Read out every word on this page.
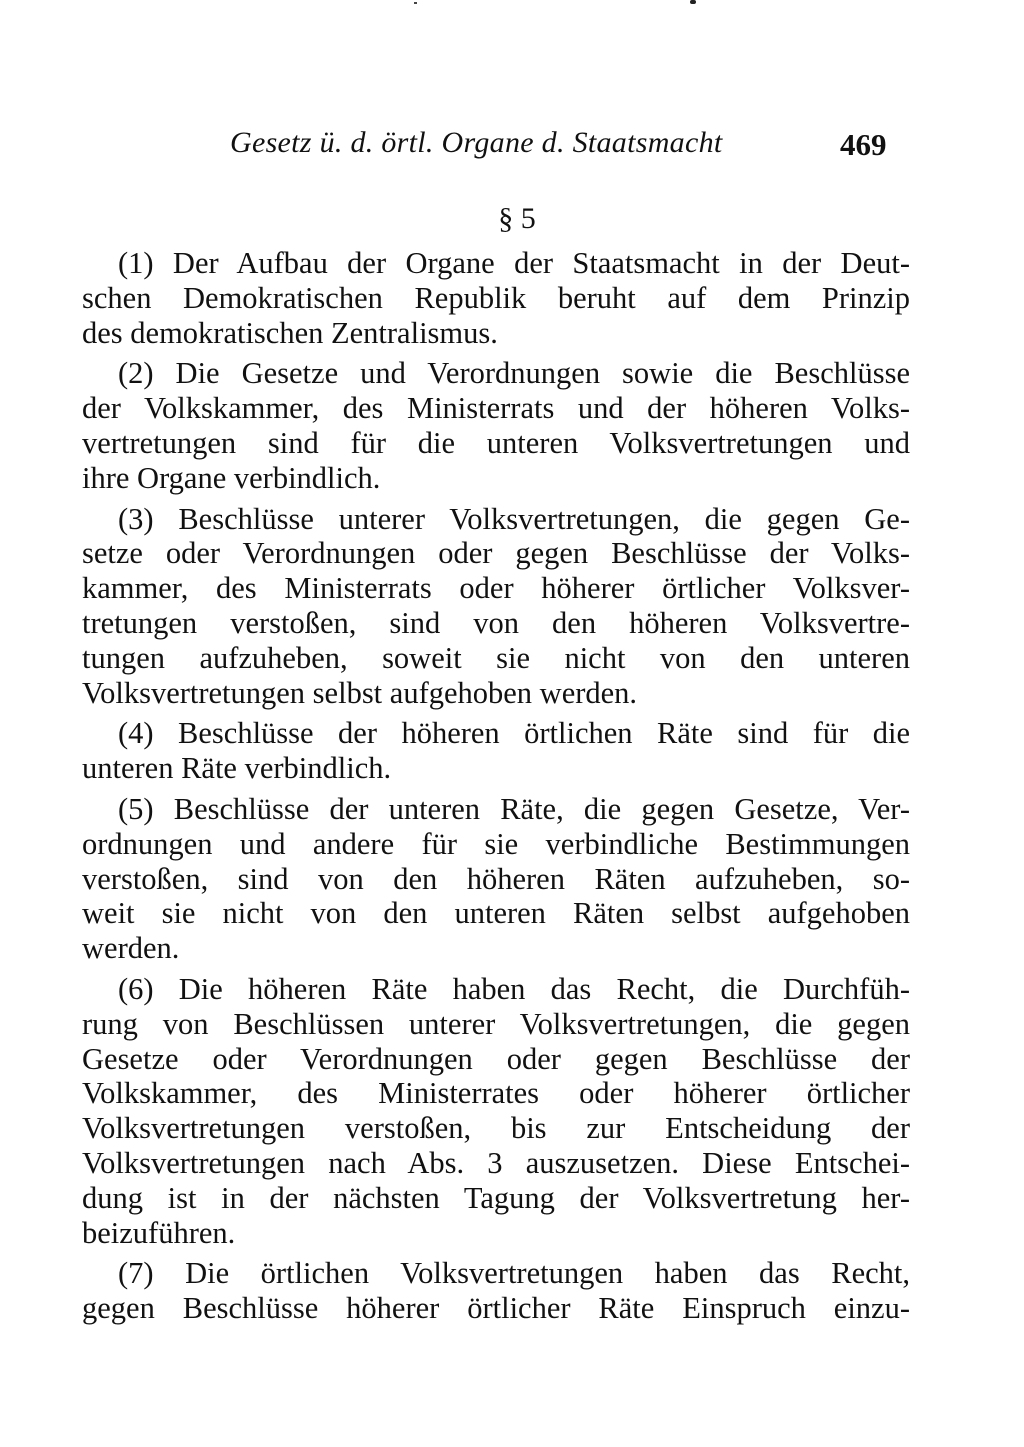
Gesetz ü. d. örtl. Organe d. Staatsmacht	469
§ 5
(1) Der Aufbau der Organe der Staatsmacht in der Deut-
schen Demokratischen Republik beruht auf dem Prinzip
des demokratischen Zentralismus.
(2) Die Gesetze und Verordnungen sowie die Beschlüsse
der Volkskammer, des Ministerrats und der höheren Volks-
vertretungen sind für die unteren Volksvertretungen und
ihre Organe verbindlich.
(3) Beschlüsse unterer Volksvertretungen, die gegen Ge-
setze oder Verordnungen oder gegen Beschlüsse der Volks-
kammer, des Ministerrats oder höherer örtlicher Volksver-
tretungen verstoßen, sind von den höheren Volksvertre-
tungen aufzuheben, soweit sie nicht von den unteren
Volksvertretungen selbst aufgehoben werden.
(4) Beschlüsse der höheren örtlichen Räte sind für die
unteren Räte verbindlich.
(5) Beschlüsse der unteren Räte, die gegen Gesetze, Ver-
ordnungen und andere für sie verbindliche Bestimmungen
verstoßen, sind von den höheren Räten aufzuheben, so-
weit sie nicht von den unteren Räten selbst aufgehoben
werden.
(6) Die höheren Räte haben das Recht, die Durchfüh-
rung von Beschlüssen unterer Volksvertretungen, die gegen
Gesetze oder Verordnungen oder gegen Beschlüsse der
Volkskammer, des Ministerrates oder höherer örtlicher
Volksvertretungen verstoßen, bis zur Entscheidung der
Volksvertretungen nach Abs. 3 auszusetzen. Diese Entschei-
dung ist in der nächsten Tagung der Volksvertretung her-
beizuführen.
(7) Die örtlichen Volksvertretungen haben das Recht,
gegen Beschlüsse höherer örtlicher Räte Einspruch einzu-
